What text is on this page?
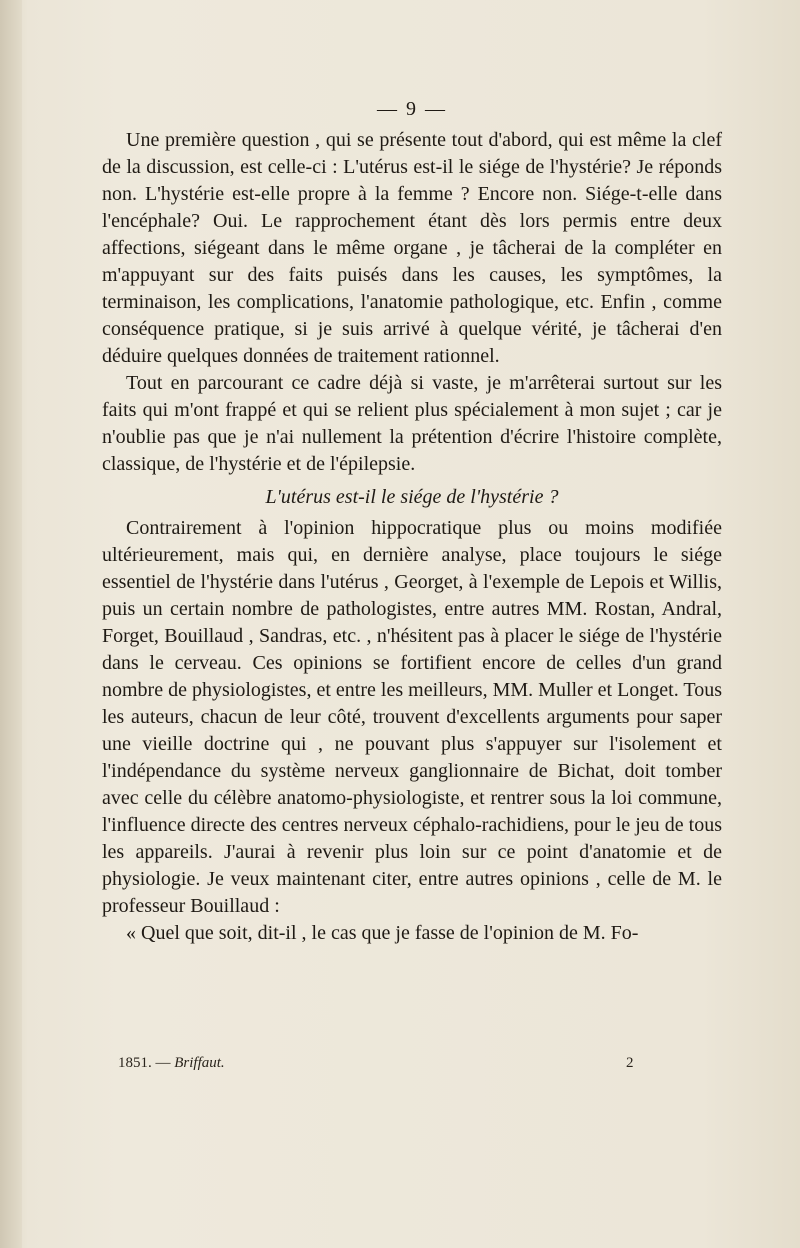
— 9 —

Une première question , qui se présente tout d'abord, qui est même la clef de la discussion, est celle-ci : L'utérus est-il le siége de l'hystérie? Je réponds non. L'hystérie est-elle propre à la femme ? Encore non. Siége-t-elle dans l'encéphale? Oui. Le rapprochement étant dès lors permis entre deux affections, siégeant dans le même organe , je tâcherai de la compléter en m'appuyant sur des faits puisés dans les causes, les symptômes, la terminaison, les complications, l'anatomie pathologique, etc. Enfin , comme conséquence pratique, si je suis arrivé à quelque vérité, je tâcherai d'en déduire quelques données de traitement rationnel.

Tout en parcourant ce cadre déjà si vaste, je m'arrêterai surtout sur les faits qui m'ont frappé et qui se relient plus spécialement à mon sujet ; car je n'oublie pas que je n'ai nullement la prétention d'écrire l'histoire complète, classique, de l'hystérie et de l'épilepsie.

L'utérus est-il le siége de l'hystérie ?

Contrairement à l'opinion hippocratique plus ou moins modifiée ultérieurement, mais qui, en dernière analyse, place toujours le siége essentiel de l'hystérie dans l'utérus , Georget, à l'exemple de Lepois et Willis, puis un certain nombre de pathologistes, entre autres MM. Rostan, Andral, Forget, Bouillaud , Sandras, etc. , n'hésitent pas à placer le siége de l'hystérie dans le cerveau. Ces opinions se fortifient encore de celles d'un grand nombre de physiologistes, et entre les meilleurs, MM. Muller et Longet. Tous les auteurs, chacun de leur côté, trouvent d'excellents arguments pour saper une vieille doctrine qui , ne pouvant plus s'appuyer sur l'isolement et l'indépendance du système nerveux ganglionnaire de Bichat, doit tomber avec celle du célèbre anatomo-physiologiste, et rentrer sous la loi commune, l'influence directe des centres nerveux céphalo-rachidiens, pour le jeu de tous les appareils. J'aurai à revenir plus loin sur ce point d'anatomie et de physiologie. Je veux maintenant citer, entre autres opinions , celle de M. le professeur Bouillaud :

« Quel que soit, dit-il , le cas que je fasse de l'opinion de M. Fo-

1851. — Briffaut.	2
